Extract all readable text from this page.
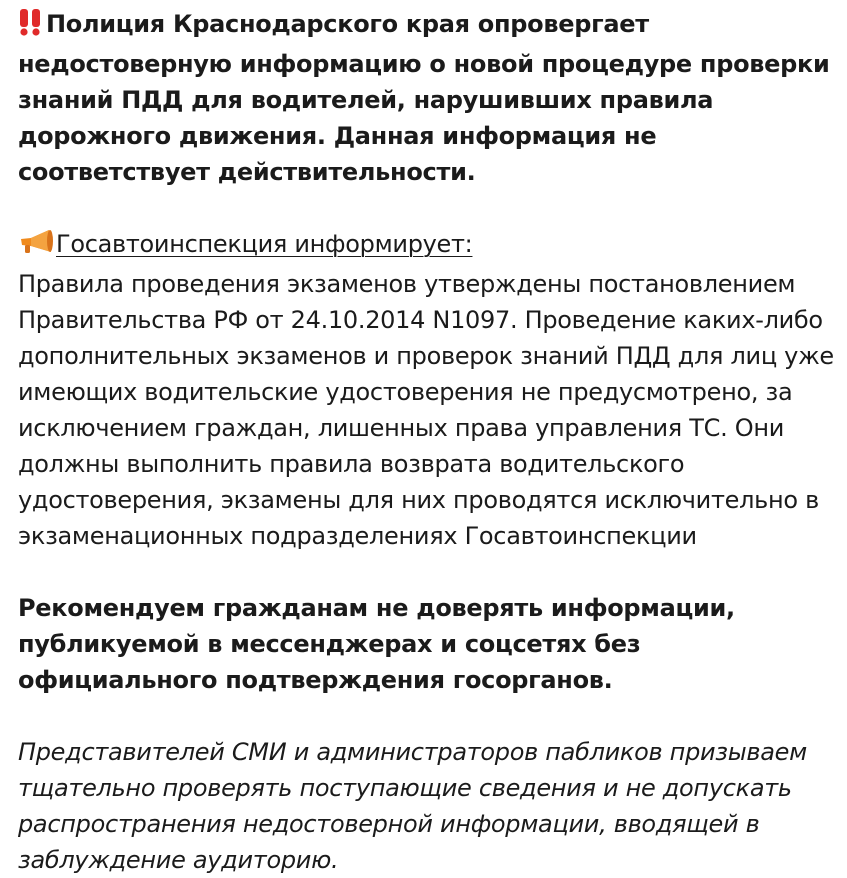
Полиция Краснодарского края опровергает недостоверную информацию о новой процедуре проверки знаний ПДД для водителей, нарушивших правила дорожного движения. Данная информация не соответствует действительности.

Госавтоинспекция информирует:

Правила проведения экзаменов утверждены постановлением Правительства РФ от 24.10.2014 N1097. Проведение каких-либо дополнительных экзаменов и проверок знаний ПДД для лиц уже имеющих водительские удостоверения не предусмотрено, за исключением граждан, лишенных права управления ТС. Они должны выполнить правила возврата водительского удостоверения, экзамены для них проводятся исключительно в экзаменационных подразделениях Госавтоинспекции

Рекомендуем гражданам не доверять информации, публикуемой в мессенджерах и соцсетях без официального подтверждения госорганов.

Представителей СМИ и администраторов пабликов призываем тщательно проверять поступающие сведения и не допускать распространения недостоверной информации, вводящей в заблуждение аудиторию.
